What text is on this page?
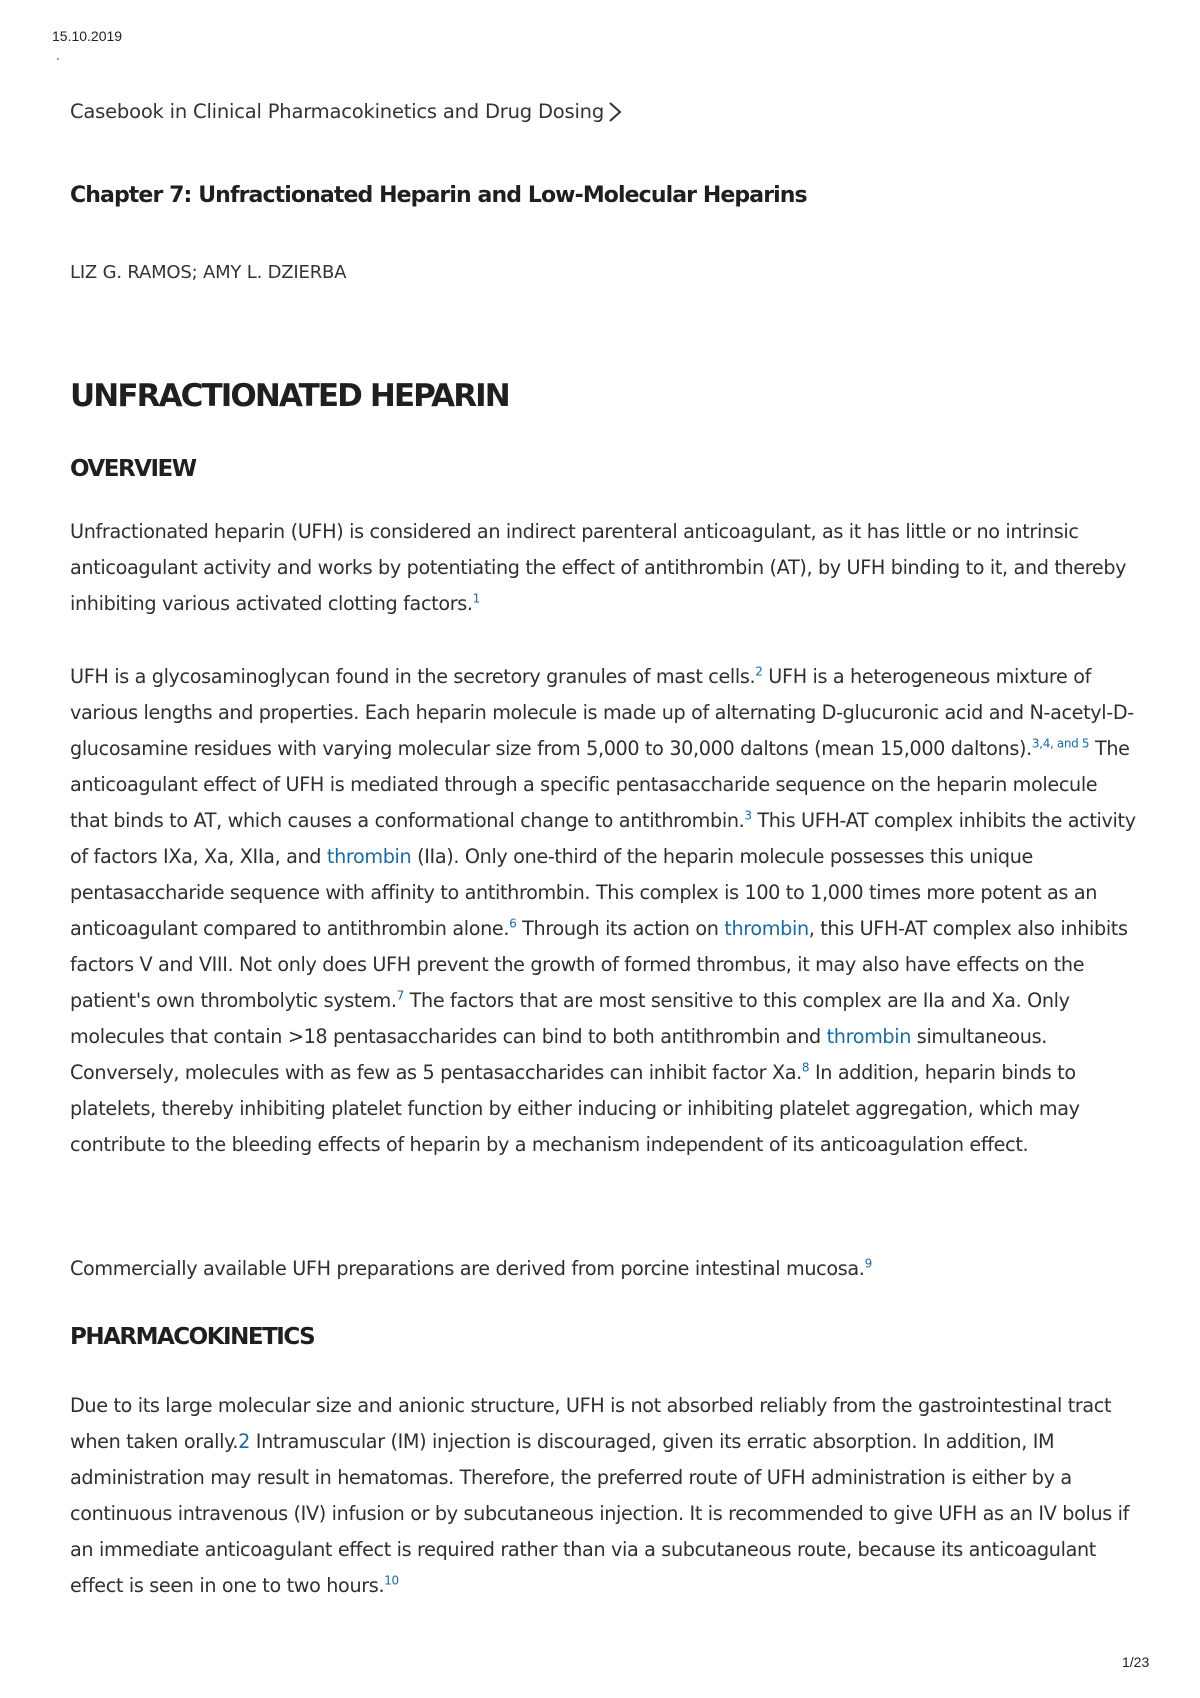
15.10.2019
Casebook in Clinical Pharmacokinetics and Drug Dosing
Chapter 7: Unfractionated Heparin and Low-Molecular Heparins
LIZ G. RAMOS; AMY L. DZIERBA
UNFRACTIONATED HEPARIN
OVERVIEW

Unfractionated heparin (UFH) is considered an indirect parenteral anticoagulant, as it has little or no intrinsic anticoagulant activity and works by potentiating the effect of antithrombin (AT), by UFH binding to it, and thereby inhibiting various activated clotting factors.$^1$

UFH is a glycosaminoglycan found in the secretory granules of mast cells.$^2$ UFH is a heterogeneous mixture of various lengths and properties. Each heparin molecule is made up of alternating D-glucuronic acid and N-acetyl-D-glucosamine residues with varying molecular size from 5,000 to 30,000 daltons (mean 15,000 daltons).$^{3,4, and 5}$ The anticoagulant effect of UFH is mediated through a specific pentasaccharide sequence on the heparin molecule that binds to AT, which causes a conformational change to antithrombin.$^3$ This UFH-AT complex inhibits the activity of factors IXa, Xa, XIIa, and thrombin (IIa). Only one-third of the heparin molecule possesses this unique pentasaccharide sequence with affinity to antithrombin. This complex is 100 to 1,000 times more potent as an anticoagulant compared to antithrombin alone.$^6$ Through its action on thrombin, this UFH-AT complex also inhibits factors V and VIII. Not only does UFH prevent the growth of formed thrombus, it may also have effects on the patient's own thrombolytic system.$^7$ The factors that are most sensitive to this complex are IIa and Xa. Only molecules that contain >18 pentasaccharides can bind to both antithrombin and thrombin simultaneous. Conversely, molecules with as few as 5 pentasaccharides can inhibit factor Xa.$^8$ In addition, heparin binds to platelets, thereby inhibiting platelet function by either inducing or inhibiting platelet aggregation, which may contribute to the bleeding effects of heparin by a mechanism independent of its anticoagulation effect.

Commercially available UFH preparations are derived from porcine intestinal mucosa.$^9$

PHARMACOKINETICS

Due to its large molecular size and anionic structure, UFH is not absorbed reliably from the gastrointestinal tract when taken orally.2 Intramuscular (IM) injection is discouraged, given its erratic absorption. In addition, IM administration may result in hematomas. Therefore, the preferred route of UFH administration is either by a continuous intravenous (IV) infusion or by subcutaneous injection. It is recommended to give UFH as an IV bolus if an immediate anticoagulant effect is required rather than via a subcutaneous route, because its anticoagulant effect is seen in one to two hours.$^{10}$

1/23
